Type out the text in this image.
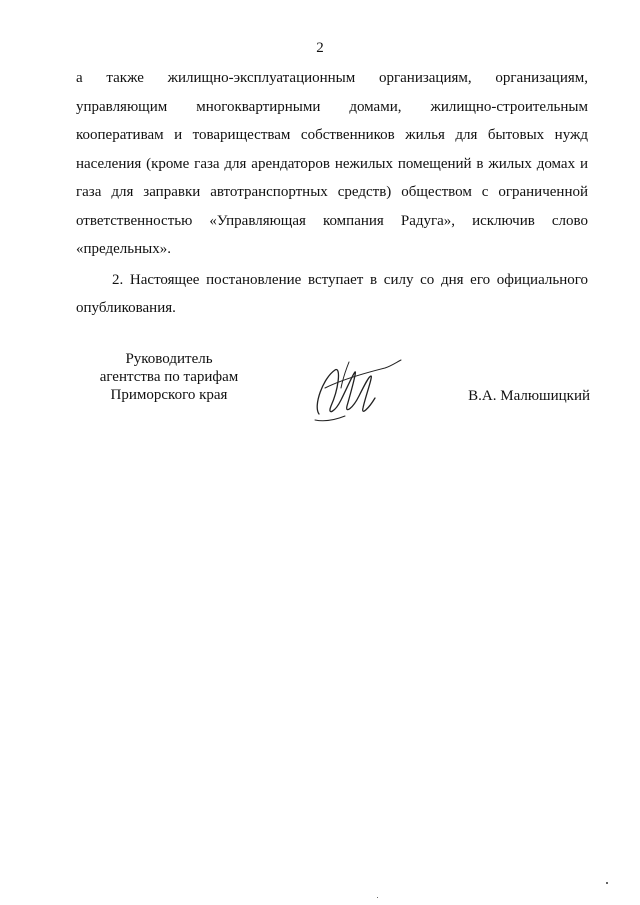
2

а также жилищно-эксплуатационным организациям, организациям, управляющим многоквартирными домами, жилищно-строительным кооперативам и товариществам собственников жилья для бытовых нужд населения (кроме газа для арендаторов нежилых помещений в жилых домах и газа для заправки автотранспортных средств) обществом с ограниченной ответственностью «Управляющая компания Радуга», исключив слово «предельных».

2. Настоящее постановление вступает в силу со дня его официального опубликования.

Руководитель
агентства по тарифам
Приморского края	В.А. Малюшицкий
